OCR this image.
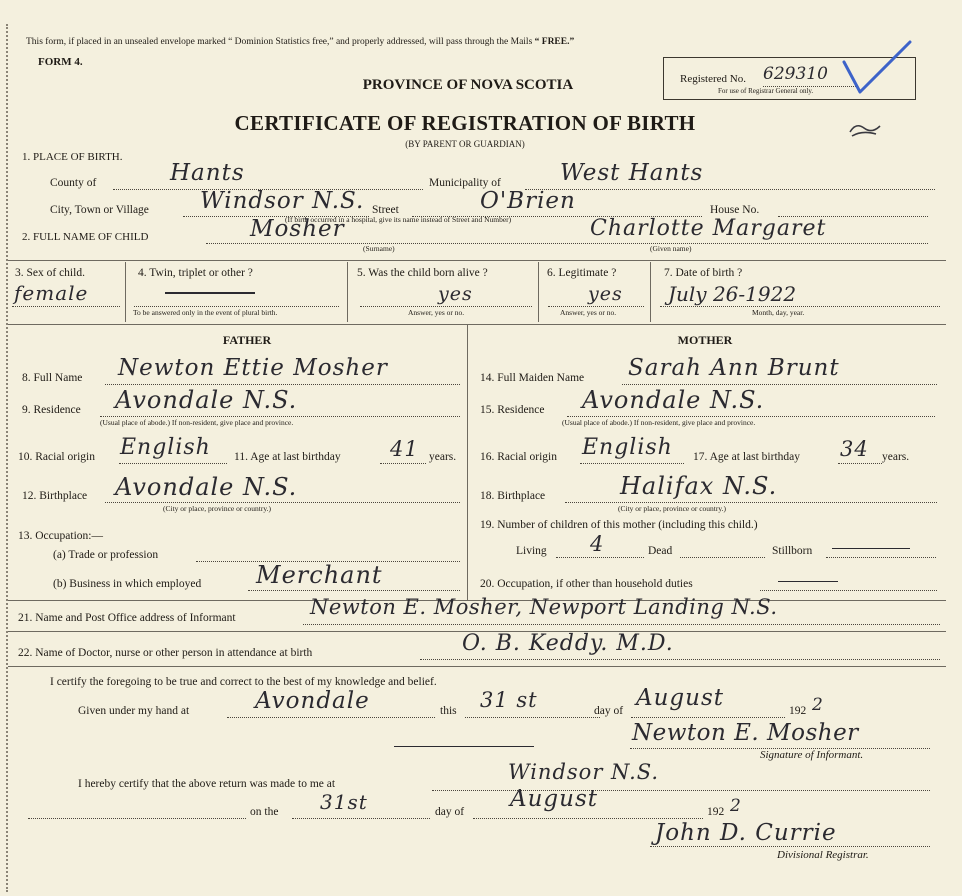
This form, if placed in an unsealed envelope marked “ Dominion Statistics free,” and properly addressed, will pass through the Mails “ FREE.”
FORM 4.
PROVINCE OF NOVA SCOTIA
CERTIFICATE OF REGISTRATION OF BIRTH
(BY PARENT OR GUARDIAN)
Registered No. 629310
For use of Registrar General only.
1. PLACE OF BIRTH.
County of	Hants	Municipality of	West Hants
City, Town or Village Windsor N.S. Street	O'Brien	House No.
(If birth occurred in a hospital, give its name instead of Street and Number)
2. FULL NAME OF CHILD	Mosher	Charlotte Margaret
(Surname)	(Given name)
3. Sex of child.
female
4. Twin, triplet or other ?
To be answered only in the event of plural birth.
5. Was the child born alive ?
yes
Answer, yes or no.
6. Legitimate ?
yes
Answer, yes or no.
7. Date of birth ?
July 26-1922
Month, day, year.
FATHER	MOTHER
8. Full Name Newton Ettie Mosher
9. Residence Avondale N.S.
(Usual place of abode.) If non-resident, give place and province.
10. Racial origin English 11. Age at last birthday 41 years.
12. Birthplace Avondale N.S.
(City or place, province or country.)
13. Occupation:—
(a) Trade or profession
(b) Business in which employed Merchant
14. Full Maiden Name Sarah Ann Brunt
15. Residence Avondale N.S.
(Usual place of abode.) If non-resident, give place and province.
16. Racial origin English 17. Age at last birthday 34 years.
18. Birthplace	Halifax N.S.
(City or place, province or country.)
19. Number of children of this mother (including this child.)
Living 4	Dead	Stillborn
20. Occupation, if other than household duties
21. Name and Post Office address of Informant	Newton E. Mosher, Newport Landing N.S.
22. Name of Doctor, nurse or other person in attendance at birth	O. B. Keddy. M.D.
I certify the foregoing to be true and correct to the best of my knowledge and belief.
Given under my hand at	Avondale	this 31 st	day of August	192 2
Newton E. Mosher
Signature of Informant.
I hereby certify that the above return was made to me at	Windsor N.S.
on the 31st	day of August	192 2
John D. Currie
Divisional Registrar.
